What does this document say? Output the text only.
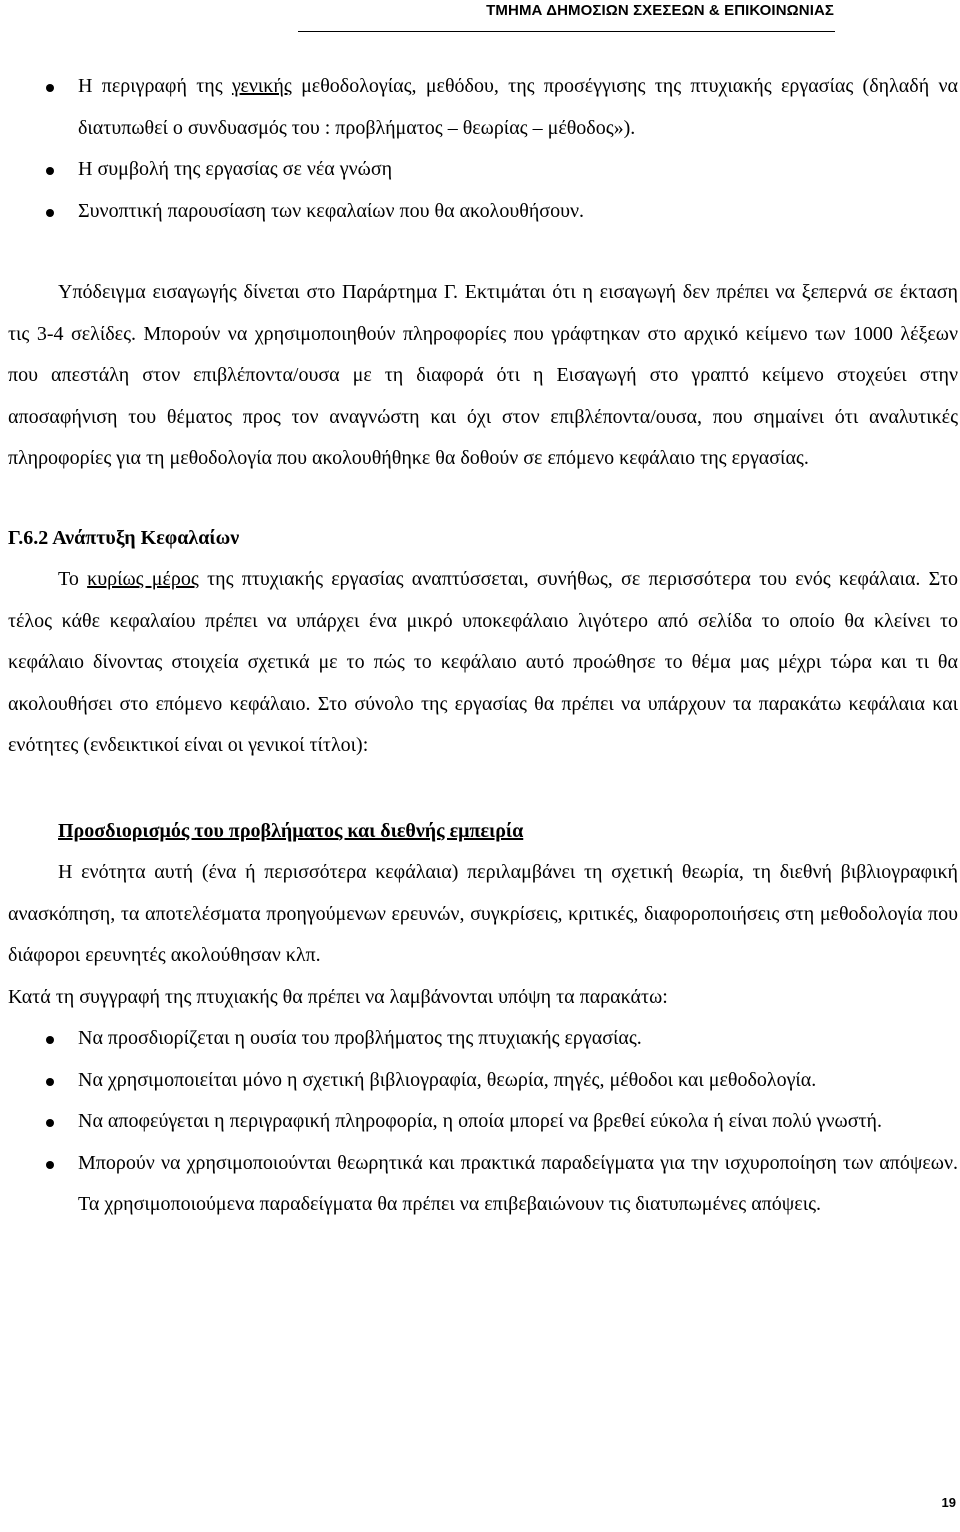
ΤΜΗΜΑ ΔΗΜΟΣΙΩΝ ΣΧΕΣΕΩΝ & ΕΠΙΚΟΙΝΩΝΙΑΣ
Η περιγραφή της γενικής μεθοδολογίας, μεθόδου, της προσέγγισης της πτυχιακής εργασίας (δηλαδή να διατυπωθεί ο συνδυασμός του : προβλήματος – θεωρίας – μέθοδος»).
Η συμβολή της εργασίας σε νέα γνώση
Συνοπτική παρουσίαση των κεφαλαίων που θα ακολουθήσουν.

Υπόδειγμα εισαγωγής δίνεται στο Παράρτημα Γ. Εκτιμάται ότι η εισαγωγή δεν πρέπει να ξεπερνά σε έκταση τις 3-4 σελίδες. Μπορούν να χρησιμοποιηθούν πληροφορίες που γράφτηκαν στο αρχικό κείμενο των 1000 λέξεων που απεστάλη στον επιβλέποντα/ουσα με τη διαφορά ότι η Εισαγωγή στο γραπτό κείμενο στοχεύει στην αποσαφήνιση του θέματος προς τον αναγνώστη και όχι στον επιβλέποντα/ουσα, που σημαίνει ότι αναλυτικές πληροφορίες για τη μεθοδολογία που ακολουθήθηκε θα δοθούν σε επόμενο κεφάλαιο της εργασίας.

Γ.6.2 Ανάπτυξη Κεφαλαίων

Το κυρίως μέρος της πτυχιακής εργασίας αναπτύσσεται, συνήθως, σε περισσότερα του ενός κεφάλαια. Στο τέλος κάθε κεφαλαίου πρέπει να υπάρχει ένα μικρό υποκεφάλαιο λιγότερο από σελίδα το οποίο θα κλείνει το κεφάλαιο δίνοντας στοιχεία σχετικά με το πώς το κεφάλαιο αυτό προώθησε το θέμα μας μέχρι τώρα και τι θα ακολουθήσει στο επόμενο κεφάλαιο. Στο σύνολο της εργασίας θα πρέπει να υπάρχουν τα παρακάτω κεφάλαια και ενότητες (ενδεικτικοί είναι οι γενικοί τίτλοι):

Προσδιορισμός του προβλήματος και διεθνής εμπειρία

Η ενότητα αυτή (ένα ή περισσότερα κεφάλαια) περιλαμβάνει τη σχετική θεωρία, τη διεθνή βιβλιογραφική ανασκόπηση, τα αποτελέσματα προηγούμενων ερευνών, συγκρίσεις, κριτικές, διαφοροποιήσεις στη μεθοδολογία που διάφοροι ερευνητές ακολούθησαν κλπ.

Κατά τη συγγραφή της πτυχιακής θα πρέπει να λαμβάνονται υπόψη τα παρακάτω:

Να προσδιορίζεται η ουσία του προβλήματος της πτυχιακής εργασίας.
Να χρησιμοποιείται μόνο η σχετική βιβλιογραφία, θεωρία, πηγές, μέθοδοι και μεθοδολογία.
Να αποφεύγεται η περιγραφική πληροφορία, η οποία μπορεί να βρεθεί εύκολα ή είναι πολύ γνωστή.
Μπορούν να χρησιμοποιούνται θεωρητικά και πρακτικά παραδείγματα για την ισχυροποίηση των απόψεων. Τα χρησιμοποιούμενα παραδείγματα θα πρέπει να επιβεβαιώνουν τις διατυπωμένες απόψεις.
19
